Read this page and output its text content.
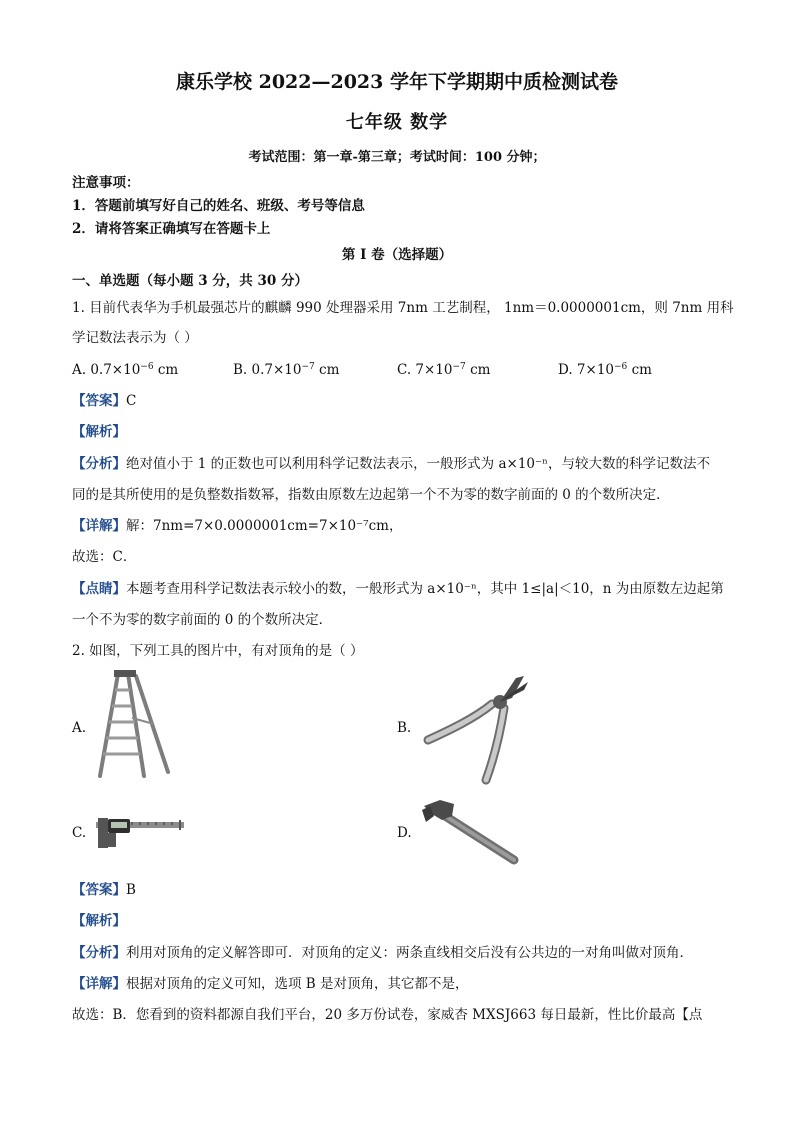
康乐学校 2022—2023 学年下学期期中质检测试卷
七年级 数学
考试范围：第一章-第三章；考试时间：100 分钟；
注意事项：
1．答题前填写好自己的姓名、班级、考号等信息
2．请将答案正确填写在答题卡上
第 I 卷（选择题）
一、单选题（每小题 3 分，共 30 分）
1. 目前代表华为手机最强芯片的麒麟 990 处理器采用 7nm 工艺制程， 1nm＝0.0000001cm，则 7nm 用科
学记数法表示为（ ）
A. $0.7\times 10^{-6}$ cm	B. $0.7\times 10^{-7}$ cm	C. $7\times 10^{-7}$ cm	D. $7\times 10^{-6}$ cm
【答案】C
【解析】
【分析】绝对值小于 1 的正数也可以利用科学记数法表示，一般形式为 a×10⁻ⁿ，与较大数的科学记数法不
同的是其所使用的是负整数指数幂，指数由原数左边起第一个不为零的数字前面的 0 的个数所决定．
【详解】解：7nm=7×0.0000001cm=7×10⁻⁷cm，
故选：C．
【点睛】本题考查用科学记数法表示较小的数，一般形式为 a×10⁻ⁿ，其中 1≤|a|＜10，n 为由原数左边起第
一个不为零的数字前面的 0 的个数所决定．
2. 如图，下列工具的图片中，有对顶角的是（ ）
A.	B.
C.	D.
【答案】B
【解析】
【分析】利用对顶角的定义解答即可．对顶角的定义：两条直线相交后没有公共边的一对角叫做对顶角．
【详解】根据对顶角的定义可知，选项 B 是对顶角，其它都不是，
故选：B．您看到的资料都源自我们平台，20 多万份试卷，家威杏 MXSJ663 每日最新，性比价最高【点
